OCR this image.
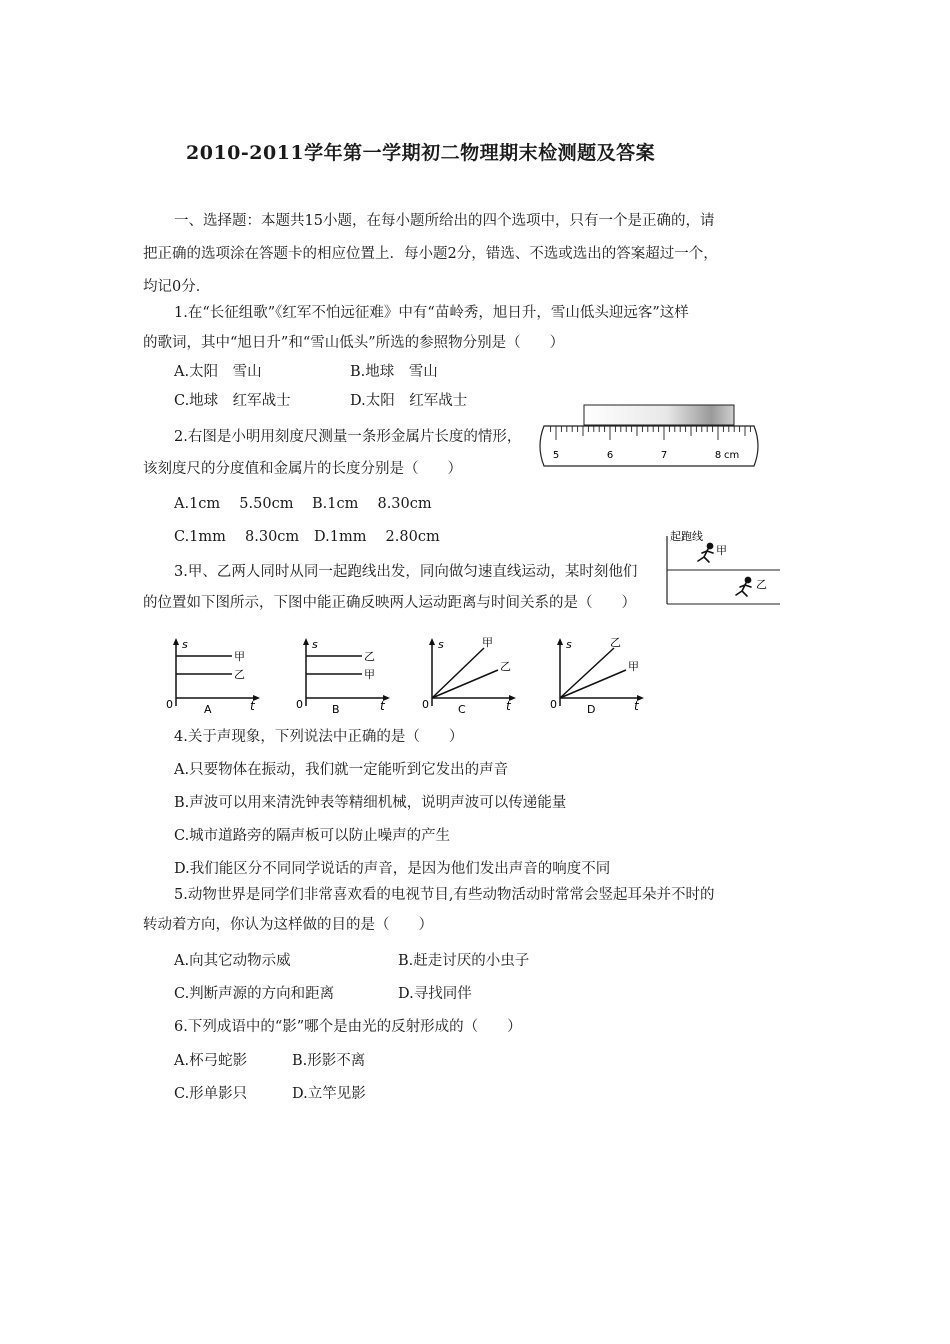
2010-2011学年第一学期初二物理期末检测题及答案
一、选择题：本题共15小题，在每小题所给出的四个选项中，只有一个是正确的，请
把正确的选项涂在答题卡的相应位置上．每小题2分，错选、不选或选出的答案超过一个，
均记0分．
1.在“长征组歌”《红军不怕远征难》中有“苗岭秀，旭日升，雪山低头迎远客”这样
的歌词，其中“旭日升”和“雪山低头”所选的参照物分别是（　　）
A.太阳　雪山	B.地球　雪山
C.地球　红军战士	D.太阳　红军战士
2.右图是小明用刻度尺测量一条形金属片长度的情形，
该刻度尺的分度值和金属片的长度分别是（　　）
A.1cm　 5.50cm B.1cm　 8.30cm
C.1mm　 8.30cm D.1mm　 2.80cm
5	6	7	8 cm
起跑线
甲
乙
3.甲、乙两人同时从同一起跑线出发，同向做匀速直线运动，某时刻他们
的位置如下图所示，下图中能正确反映两人运动距离与时间关系的是（　　）
s
t
0
甲
乙
A
s
t
0
乙
甲
B
s
t
0
甲
乙
C
s
t
0
乙
甲
D
4.关于声现象，下列说法中正确的是（　　）
A.只要物体在振动，我们就一定能听到它发出的声音
B.声波可以用来清洗钟表等精细机械，说明声波可以传递能量
C.城市道路旁的隔声板可以防止噪声的产生
D.我们能区分不同同学说话的声音，是因为他们发出声音的响度不同
5.动物世界是同学们非常喜欢看的电视节目,有些动物活动时常常会竖起耳朵并不时的
转动着方向，你认为这样做的目的是（　　）
A.向其它动物示威	B.赶走讨厌的小虫子
C.判断声源的方向和距离	D.寻找同伴
6.下列成语中的“影”哪个是由光的反射形成的（　　）
A.杯弓蛇影	B.形影不离
C.形单影只	D.立竿见影
